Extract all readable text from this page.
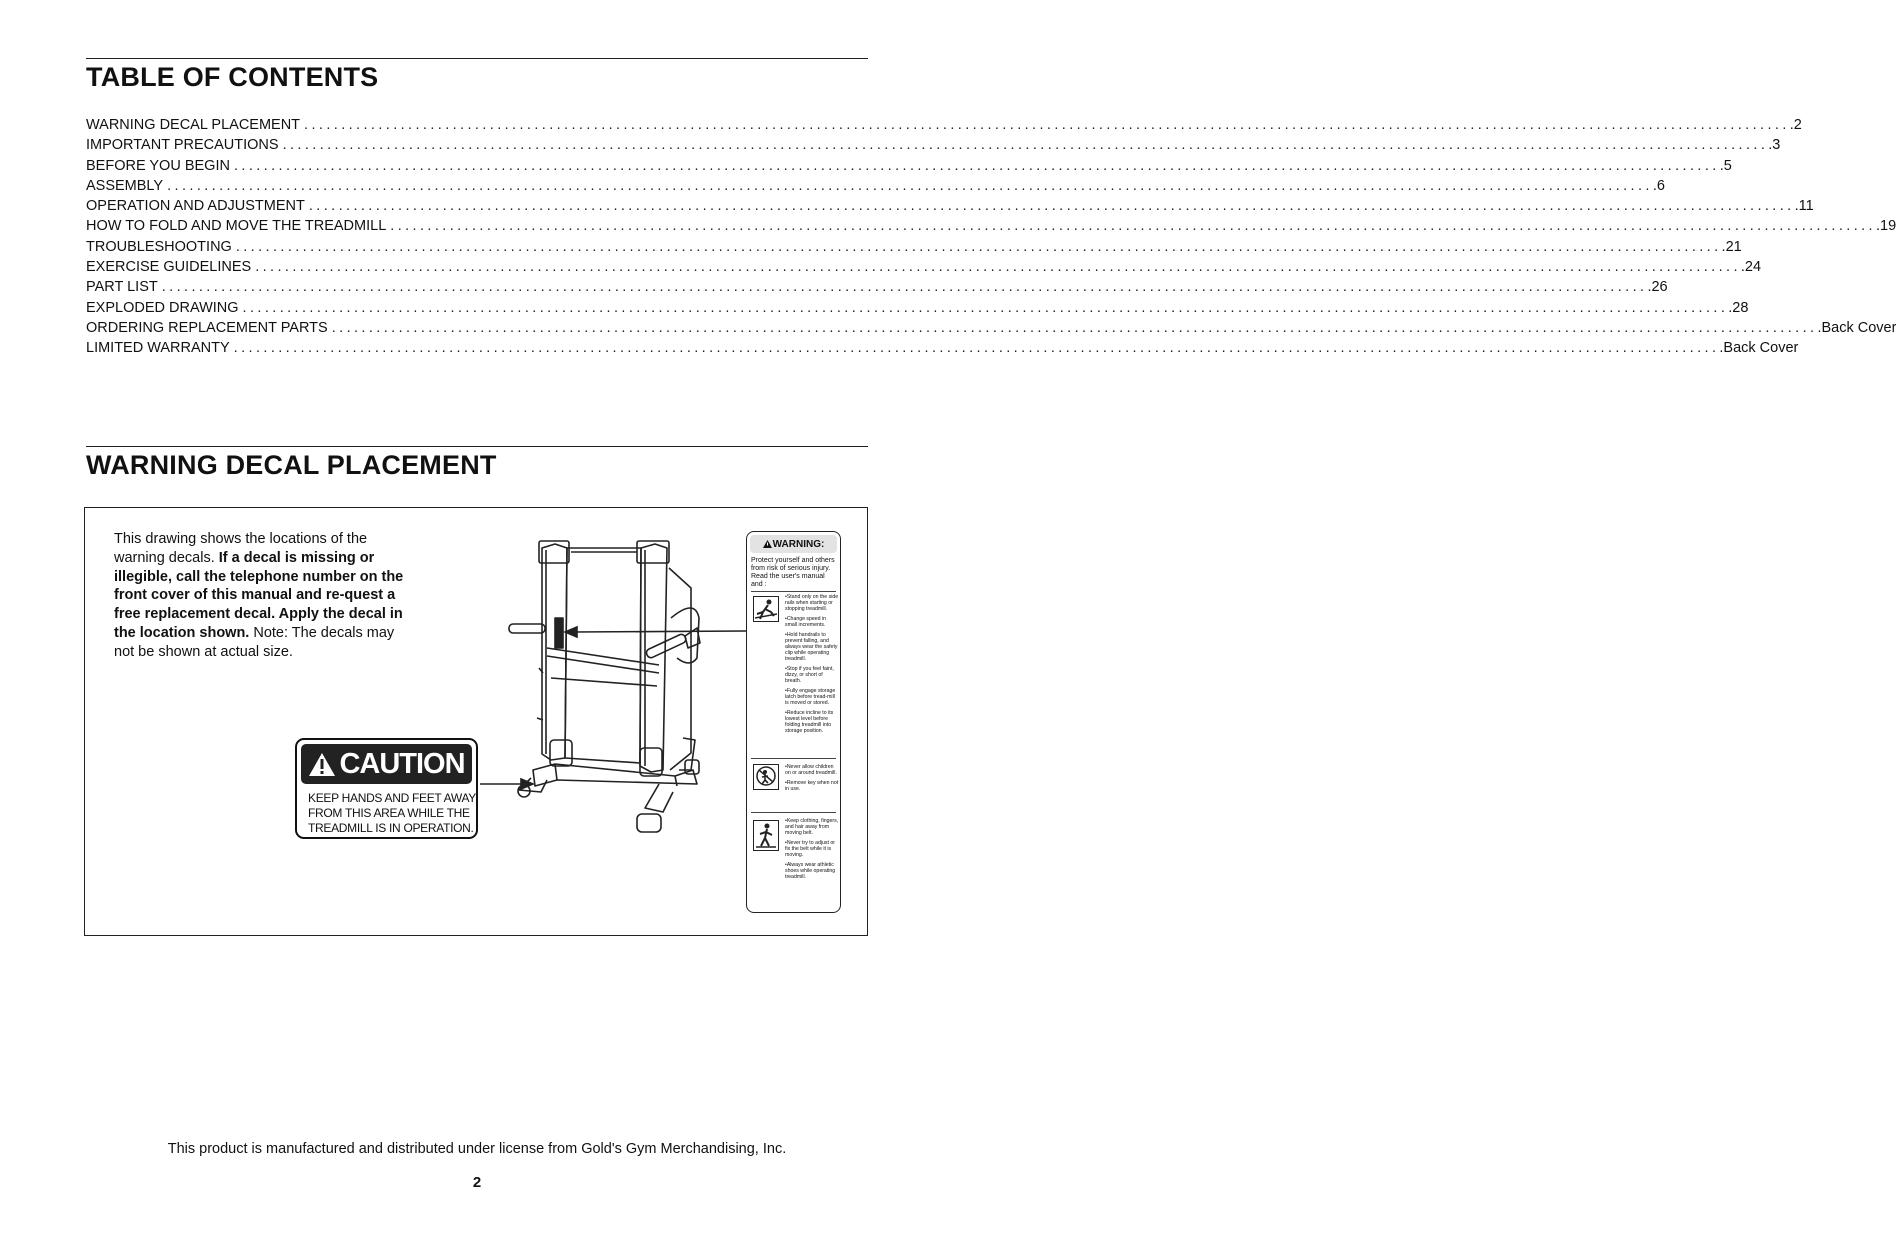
TABLE OF CONTENTS
WARNING DECAL PLACEMENT ........................................................................................................................................................................................................ .2
IMPORTANT PRECAUTIONS ........................................................................................................................................................................................................ .3
BEFORE YOU BEGIN ........................................................................................................................................................................................................ .5
ASSEMBLY ........................................................................................................................................................................................................ .6
OPERATION AND ADJUSTMENT ........................................................................................................................................................................................................ .11
HOW TO FOLD AND MOVE THE TREADMILL ........................................................................................................................................................................................................ .19
TROUBLESHOOTING ........................................................................................................................................................................................................ .21
EXERCISE GUIDELINES ........................................................................................................................................................................................................ .24
PART LIST ........................................................................................................................................................................................................ .26
EXPLODED DRAWING ........................................................................................................................................................................................................ .28
ORDERING REPLACEMENT PARTS ........................................................................................................................................................................................................ .Back Cover
LIMITED WARRANTY ........................................................................................................................................................................................................ .Back Cover
WARNING DECAL PLACEMENT
This drawing shows the locations of the warning decals. If a decal is missing or illegible, call the telephone number on the front cover of this manual and re-quest a free replacement decal. Apply the decal in the location shown. Note: The decals may not be shown at actual size.
CAUTION
KEEP HANDS AND FEET AWAY FROM THIS AREA WHILE THE TREADMILL IS IN OPERATION.
WARNING:
Protect yourself and others from risk of serious injury. Read the user's manual and :
•Stand only on the side rails when starting or stopping treadmill.
•Change speed in small increments.
•Hold handrails to prevent falling, and always wear the safety clip while operating treadmill.
•Stop if you feel faint, dizzy, or short of breath.
•Fully engage storage latch before tread-mill is moved or stored.
•Reduce incline to its lowest level before folding treadmill into storage position.
•Never allow children on or around treadmill.
•Remove key when not in use.
•Keep clothing, fingers, and hair away from moving belt.
•Never try to adjust or fix the belt while it is moving.
•Always wear athletic shoes while operating treadmill.
This product is manufactured and distributed under license from Gold's Gym Merchandising, Inc.
2
